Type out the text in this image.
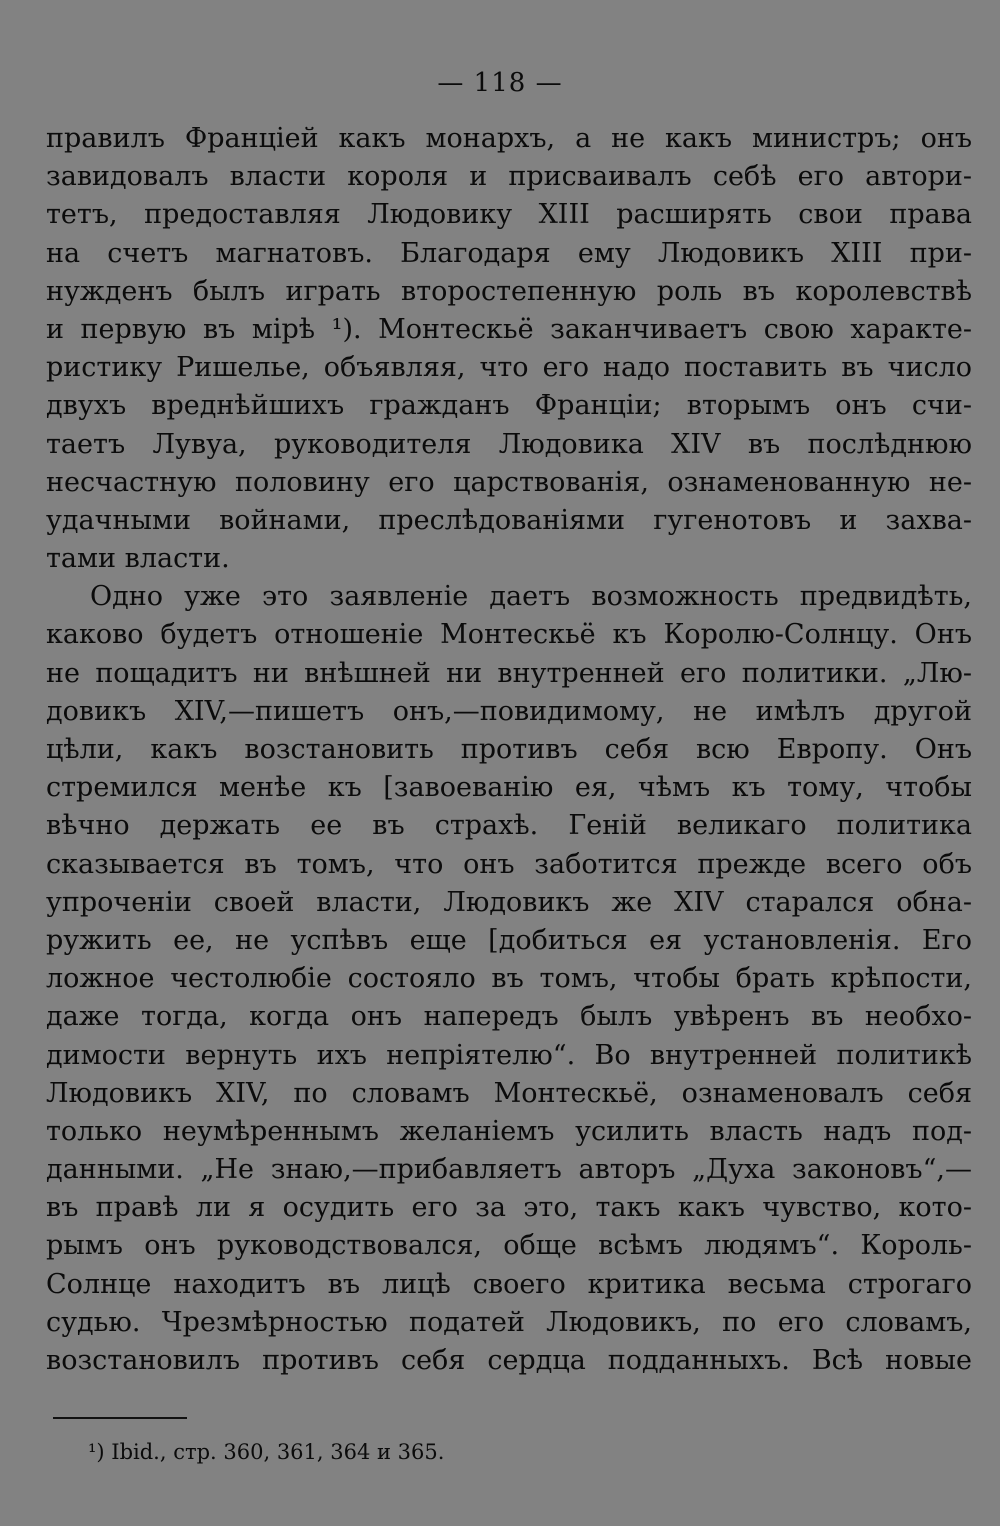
— 118 —
правилъ Франціей какъ монархъ, а не какъ министръ; онъ
завидовалъ власти короля и присваивалъ себѣ его автори-
тетъ, предоставляя Людовику XIII расширять свои права
на счетъ магнатовъ. Благодаря ему Людовикъ XIII при-
нужденъ былъ играть второстепенную роль въ королевствѣ
и первую въ мірѣ ¹). Монтескьё заканчиваетъ свою характе-
ристику Ришелье, объявляя, что его надо поставить въ число
двухъ вреднѣйшихъ гражданъ Франціи; вторымъ онъ счи-
таетъ Лувуа, руководителя Людовика XIV въ послѣднюю
несчастную половину его царствованія, ознаменованную не-
удачными войнами, преслѣдованіями гугенотовъ и захва-
тами власти.
Одно уже это заявленіе даетъ возможность предвидѣть,
каково будетъ отношеніе Монтескьё къ Королю-Солнцу. Онъ
не пощадитъ ни внѣшней ни внутренней его политики. „Лю-
довикъ XIV,—пишетъ онъ,—повидимому, не имѣлъ другой
цѣли, какъ возстановить противъ себя всю Европу. Онъ
стремился менѣе къ [завоеванію ея, чѣмъ къ тому, чтобы
вѣчно держать ее въ страхѣ. Геній великаго политика
сказывается въ томъ, что онъ заботится прежде всего объ
упроченіи своей власти, Людовикъ же XIV старался обна-
ружить ее, не успѣвъ еще [добиться ея установленія. Его
ложное честолюбіе состояло въ томъ, чтобы брать крѣпости,
даже тогда, когда онъ напередъ былъ увѣренъ въ необхо-
димости вернуть ихъ непріятелю“. Во внутренней политикѣ
Людовикъ XIV, по словамъ Монтескьё, ознаменовалъ себя
только неумѣреннымъ желаніемъ усилить власть надъ под-
данными. „Не знаю,—прибавляетъ авторъ „Духа законовъ“,—
въ правѣ ли я осудить его за это, такъ какъ чувство, кото-
рымъ онъ руководствовался, обще всѣмъ людямъ“. Король-
Солнце находитъ въ лицѣ своего критика весьма строгаго
судью. Чрезмѣрностью податей Людовикъ, по его словамъ,
возстановилъ противъ себя сердца подданныхъ. Всѣ новые
¹) Ibid., стр. 360, 361, 364 и 365.
